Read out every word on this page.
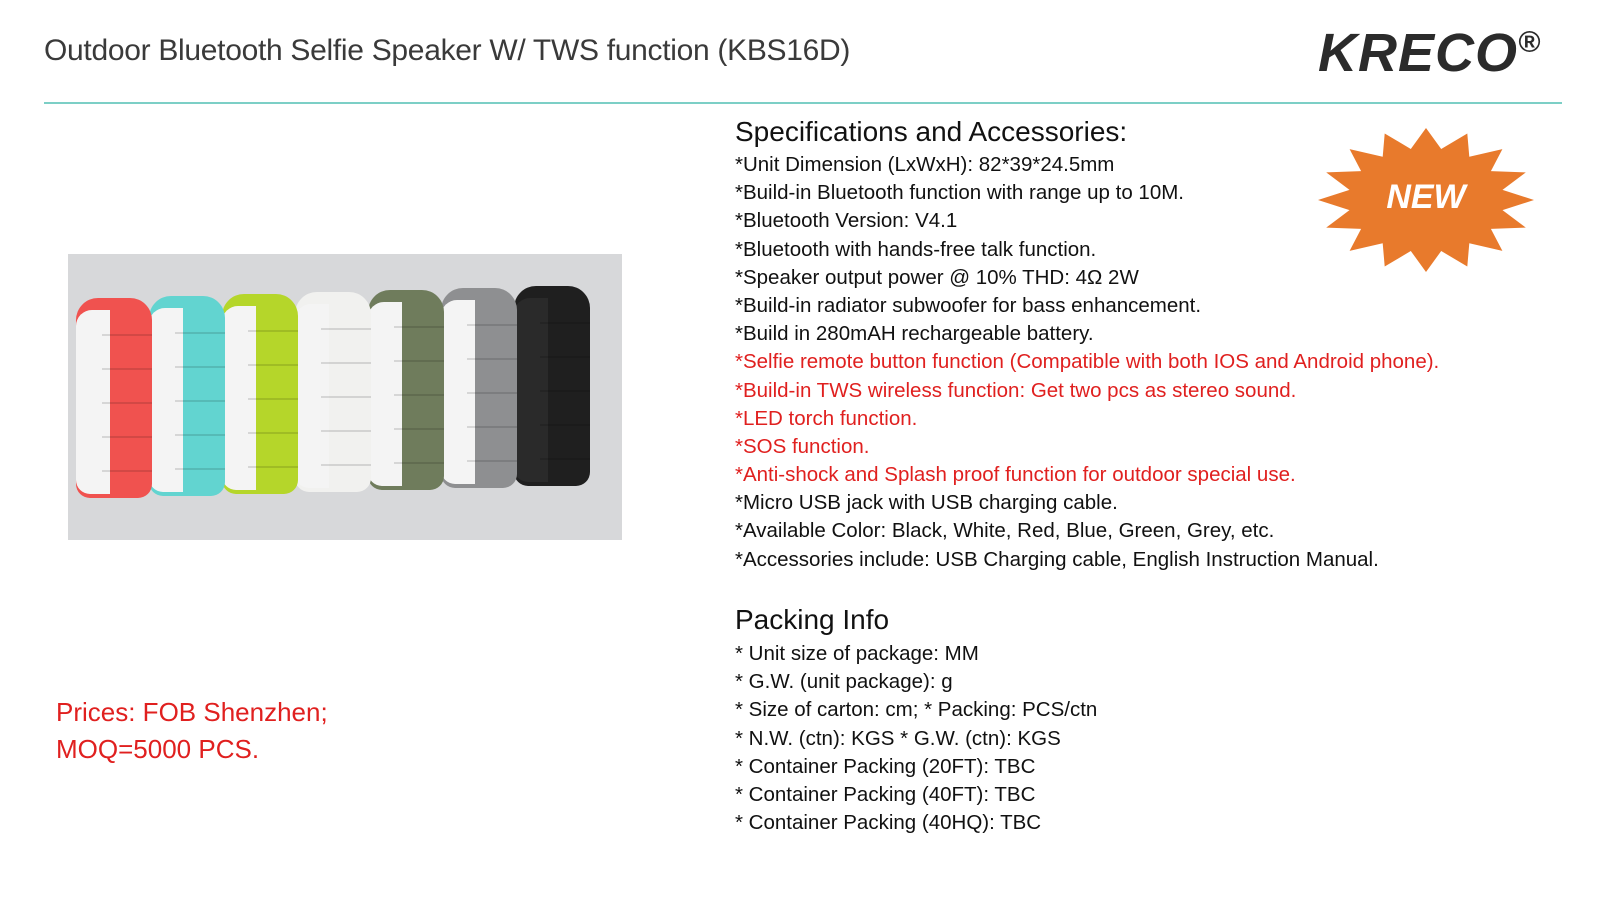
Outdoor Bluetooth Selfie Speaker W/ TWS function (KBS16D)	KRECO®
Prices: FOB Shenzhen;
MOQ=5000 PCS.
Specifications and Accessories:
*Unit Dimension (LxWxH): 82*39*24.5mm
*Build-in Bluetooth function with range up to 10M.
*Bluetooth Version: V4.1
*Bluetooth with hands-free talk function.
*Speaker output power @ 10% THD: 4Ω 2W
*Build-in radiator subwoofer for bass enhancement.
*Build in 280mAH rechargeable battery.
*Selfie remote button function (Compatible with both IOS and Android phone).
*Build-in TWS wireless function: Get two pcs as stereo sound.
*LED torch function.
*SOS function.
*Anti-shock and Splash proof function for outdoor special use.
*Micro USB jack with USB charging cable.
*Available Color: Black, White, Red, Blue, Green, Grey, etc.
*Accessories include: USB Charging cable, English Instruction Manual.
Packing Info
* Unit size of package: MM
* G.W. (unit package): g
* Size of carton: cm; * Packing: PCS/ctn
* N.W. (ctn): KGS * G.W. (ctn): KGS
* Container Packing (20FT): TBC
* Container Packing (40FT): TBC
* Container Packing (40HQ): TBC
NEW
